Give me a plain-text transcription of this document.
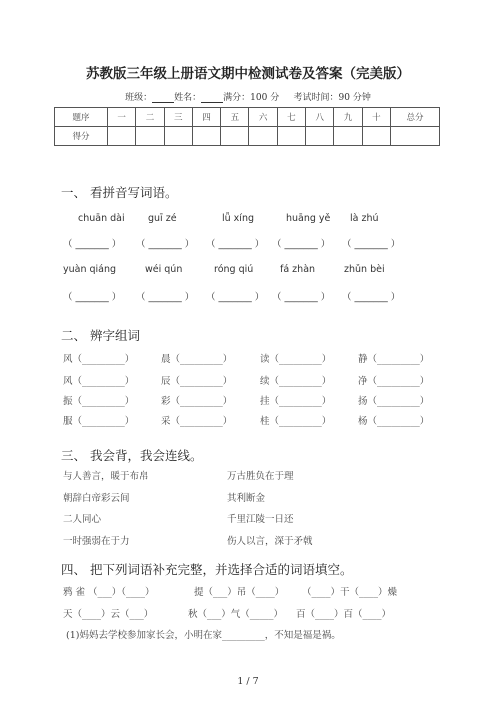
苏教版三年级上册语文期中检测试卷及答案（完美版）
班级： 姓名： 满分：100 分 考试时间：90 分钟
题序	一	二	三	四	五	六	七	八	九	十	总分
得分											
一、 看拼音写词语。
chuān dài guī zé	lǚ xíng	huāng yě là zhú
（ _______ ） （ _______ ） （ _______ ） （ _______ ） （ _______ ）
yuàn qiáng	wéi qún	róng qiú	fá zhàn	zhǔn bèi
（ _______ ） （ _______ ） （ _______ ） （ _______ ） （ _______ ）
二、 辨字组词
风（_________）	晨（_________）	读（_________）	静（_________）
风（_________）	辰（_________）	续（_________）	净（_________）
振（_________）	彩（_________）	挂（_________）	扬（_________）
服（_________）	采（_________）	桂（_________）	杨（_________）
三、 我会背，我会连线。
与人善言，暖于布帛	万古胜负在于理
朝辞白帝彩云间	其利断金
二人同心	千里江陵一日还
一时强弱在于力	伤人以言，深于矛戟
四、 把下列词语补充完整，并选择合适的词语填空。
鸦 雀 （___）（____）	提（___）吊（____） （____）干（____）燥
天（____）云（___）	秋（___）气（_____） 百（____）百（____）
(1)妈妈去学校参加家长会，小明在家_________，不知是福是祸。
1 / 7
